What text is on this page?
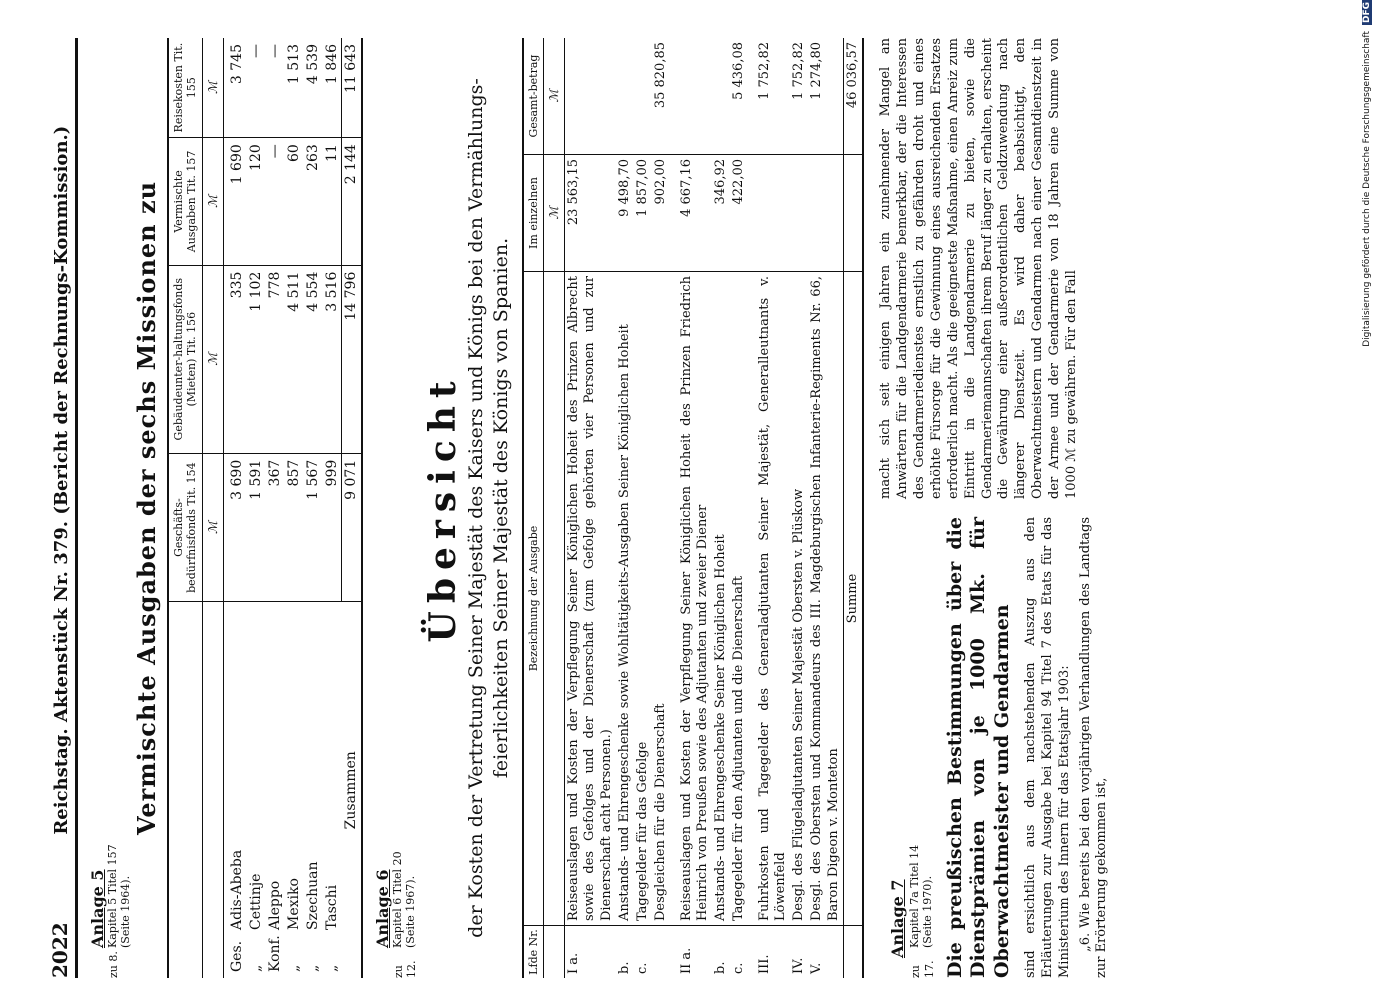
2022
Reichstag. Aktenstück Nr. 379. (Bericht der Rechnungs-Kommission.)
Anlage 5
zu 8.
Kapitel 5 Titel 157
(Seite 1964).
Vermischte Ausgaben der sechs Missionen zu
	Geschäfts-bedürfnisfonds Tit. 154	Gebäudeunter-haltungsfonds (Mieten) Tit. 156	Vermischte Ausgaben Tit. 157	Reisekosten Tit. 155
	ℳ	ℳ	ℳ	ℳ
Ges.Adis-Abeba	3 690	335	1 690	3 745
„Cettinje	1 591	1 102	120	—
Konf.Aleppo	367	778	—	—
„Mexiko	857	4 511	60	1 513
„Szechuan	1 567	4 554	263	4 539
„Taschi	999	3 516	11	1 846
Zusammen	9 071	14 796	2 144	11 643
Anlage 6
zu 12.
Kapitel 6 Titel 20
(Seite 1967).
Übersicht der Kosten der Vertretung Seiner Majestät des Kaisers und Königs bei den Vermählungs-feierlichkeiten Seiner Majestät des Königs von Spanien.
Lfde Nr.	Bezeichnung der Ausgabe	Im einzelnen	Gesamt-betrag
		ℳ	ℳ
I a.	Reiseauslagen und Kosten der Verpflegung Seiner Königlichen Hoheit des Prinzen Albrecht sowie des Gefolges und der Dienerschaft (zum Gefolge gehörten vier Personen und zur Dienerschaft acht Personen.)	23 563,15	
b.	Anstands- und Ehrengeschenke sowie Wohltätigkeits-Ausgaben Seiner Königlichen Hoheit	9 498,70	
c.	Tagegelder für das Gefolge	1 857,00	
	Desgleichen für die Dienerschaft	902,00	35 820,85
II a.	Reiseauslagen und Kosten der Verpflegung Seiner Königlichen Hoheit des Prinzen Friedrich Heinrich von Preußen sowie des Adjutanten und zweier Diener	4 667,16	
b.	Anstands- und Ehrengeschenke Seiner Königlichen Hoheit	346,92	
c.	Tagegelder für den Adjutanten und die Dienerschaft	422,00	5 436,08
III.	Fuhrkosten und Tagegelder des Generaladjutanten Seiner Majestät, Generalleutnants v. Löwenfeld		1 752,82
IV.	Desgl. des Flügeladjutanten Seiner Majestät Obersten v. Plüskow		1 752,82
V.	Desgl. des Obersten und Kommandeurs des III. Magdeburgischen Infanterie-Regiments Nr. 66, Baron Digeon v. Monteton		1 274,80
	Summe		46 036,57
Anlage 7
zu 17.
Kapitel 7a Titel 14
(Seite 1970). Die preußischen Bestimmungen über die Dienstprämien von je 1000 Mk. für Oberwachtmeister und Gendarmen sind ersichtlich aus dem nachstehenden Auszug aus den Erläuterungen zur Ausgabe bei Kapitel 94 Titel 7 des Etats für das Ministerium des Innern für das Etatsjahr 1903: „6. Wie bereits bei den vorjährigen Verhandlungen des Landtags zur Erörterung gekommen ist,

macht sich seit einigen Jahren ein zunehmender Mangel an Anwärtern für die Landgendarmerie bemerkbar, der die Interessen des Gendarmeriedienstes ernstlich zu gefährden droht und eines erhöhte Fürsorge für die Gewinnung eines ausreichenden Ersatzes erforderlich macht. Als die geeignetste Maßnahme, einen Anreiz zum Eintritt in die Landgendarmerie zu bieten, sowie die Gendarmeriemannschaften ihrem Beruf länger zu erhalten, erscheint die Gewährung einer außerordentlichen Geldzuwendung nach längerer Dienstzeit. Es wird daher beabsichtigt, den Oberwachtmeistern und Gendarmen nach einer Gesamtdienstzeit in der Armee und der Gendarmerie von 18 Jahren eine Summe von 1000 ℳ zu gewähren. Für den Fall

Digitalisierung gefördert durch die Deutsche Forschungsgemeinschaft
DFG
